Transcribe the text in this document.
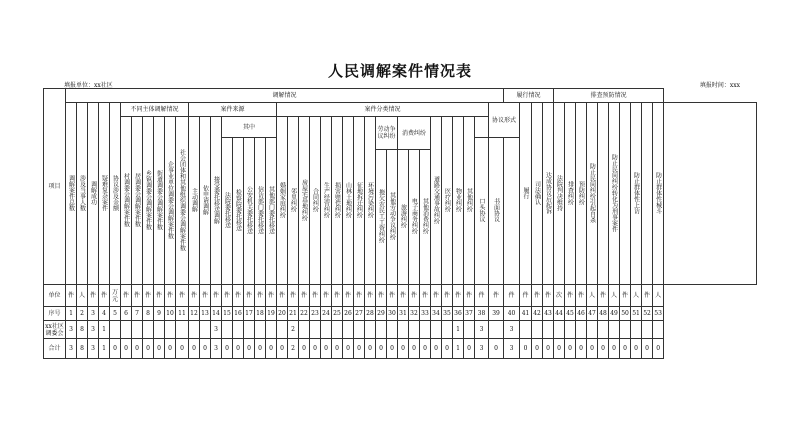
人民调解案件情况表
填报单位：xx社区	填报时间：xxx
项目	调解情况																																							履行情况				排查预防情况										
	调解案件总数	涉及当事人数	调解成功	疑难复杂案件	协议涉及金额	不同主体调解情况						案件来源								案件分类情况																			协议形式		履行	司法确认	达成协议后起诉	法院判决维持	排查纠纷	预防纠纷	防止民间纠纷引起自杀		防止民间纠纷转化为刑事案件		防止群体性上访		防止群体性械斗	
						村调委会调解案件数	居调委会调解案件数	乡镇调委会调解案件数	街道调委会调解案件数	企事业单位调委会调解案件数	社会团体和其他组织调委会调解案件数	主动调解	依申请调解	接受委托移送调解	其中					婚姻家庭纠纷	邻里纠纷	房屋宅基地纠纷	合同纠纷	生产经营纠纷	损害赔偿纠纷	山林土地纠纷	征地拆迁纠纷	环境污染纠纷	劳动争议纠纷		消费纠纷			道路交通事故纠纷	医疗纠纷	物业纠纷	其他纠纷																	
															法院委托移送	检察院委托移送	公安机关委托移送	信访部门委托移送	其他部门委托移送																			口头协议	书面协议															
																													拖欠农民工工资纠纷	其他劳动争议纠纷	旅游纠纷	电子商务纠纷	其他消费纠纷																					
单位	件	人	件	件	万元	件	件	件	件	件	件	件	件	件	件	件	件	件	件	件	件	件	件	件	件	件	件	件	件	件	件	件	件	件	件	件	件	件	件	件	件	件	件	次	件	件	人	件	人	件	人	件	人	
序号	1	2	3	4	5	6	7	8	9	10	11	12	13	14	15	16	17	18	19	20	21	22	23	24	25	26	27	28	29	30	31	32	33	34	35	36	37	38	39	40	41	42	43	44	45	46	47	48	49	50	51	52	53	
xx社区调委会	3	8	3	1										3							2															1		3		3														
合计	3	8	3	1	0	0	0	0	0	0	0	0	0	3	0	0	0	0	0	0	2	0	0	0	0	0	0	0	0	0	0	0	0	0	0	1	0	3	0	3	0	0	0	0	0	0	0	0	0	0	0	0	0	
